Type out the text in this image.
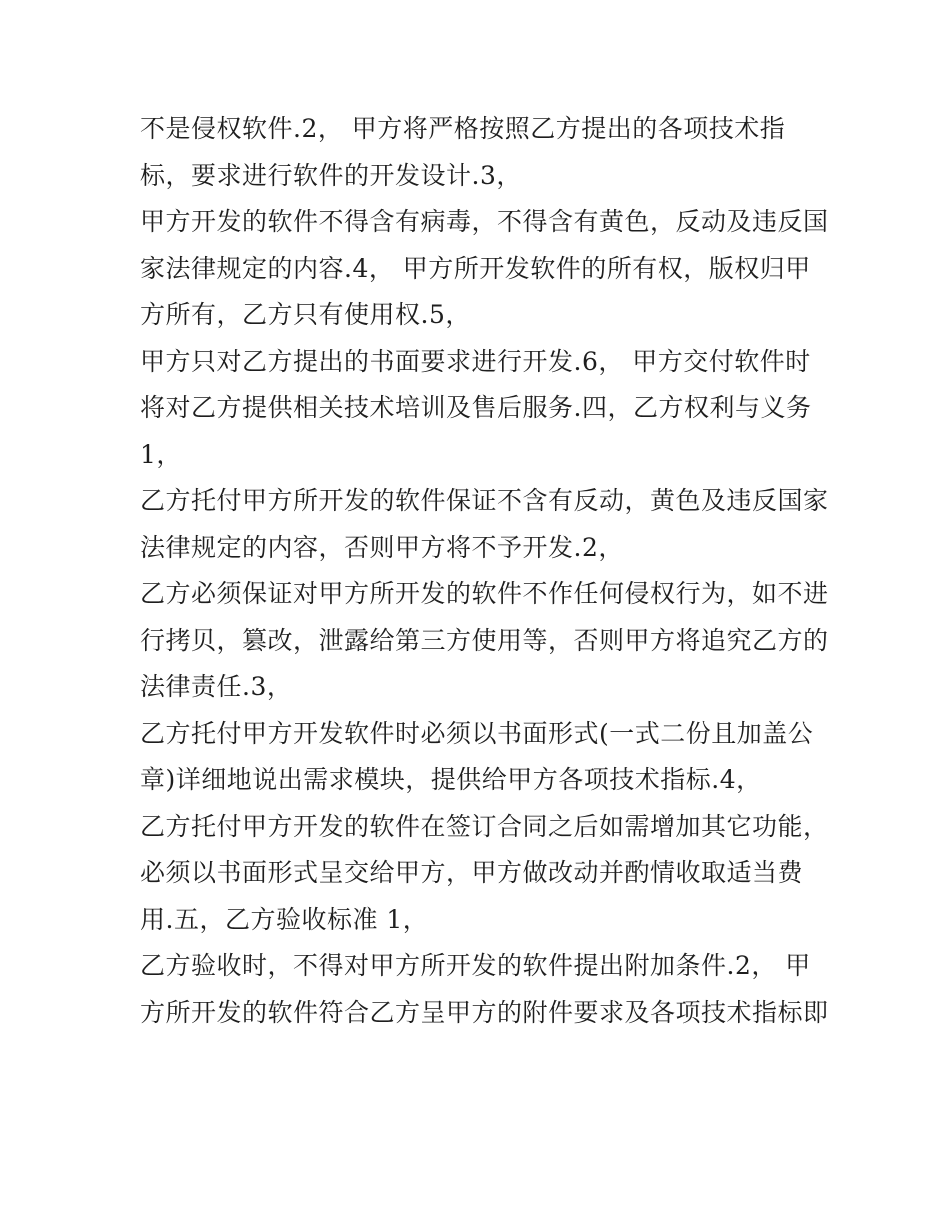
不是侵权软件.2， 甲方将严格按照乙方提出的各项技术指
标，要求进行软件的开发设计.3，
甲方开发的软件不得含有病毒，不得含有黄色，反动及违反国
家法律规定的内容.4， 甲方所开发软件的所有权，版权归甲
方所有，乙方只有使用权.5，
甲方只对乙方提出的书面要求进行开发.6， 甲方交付软件时
将对乙方提供相关技术培训及售后服务.四，乙方权利与义务
1，
乙方托付甲方所开发的软件保证不含有反动，黄色及违反国家
法律规定的内容，否则甲方将不予开发.2，
乙方必须保证对甲方所开发的软件不作任何侵权行为，如不进
行拷贝，篡改，泄露给第三方使用等，否则甲方将追究乙方的
法律责任.3，
乙方托付甲方开发软件时必须以书面形式(一式二份且加盖公
章)详细地说出需求模块，提供给甲方各项技术指标.4，
乙方托付甲方开发的软件在签订合同之后如需增加其它功能，
必须以书面形式呈交给甲方，甲方做改动并酌情收取适当费
用.五，乙方验收标准 1，
乙方验收时，不得对甲方所开发的软件提出附加条件.2， 甲
方所开发的软件符合乙方呈甲方的附件要求及各项技术指标即
